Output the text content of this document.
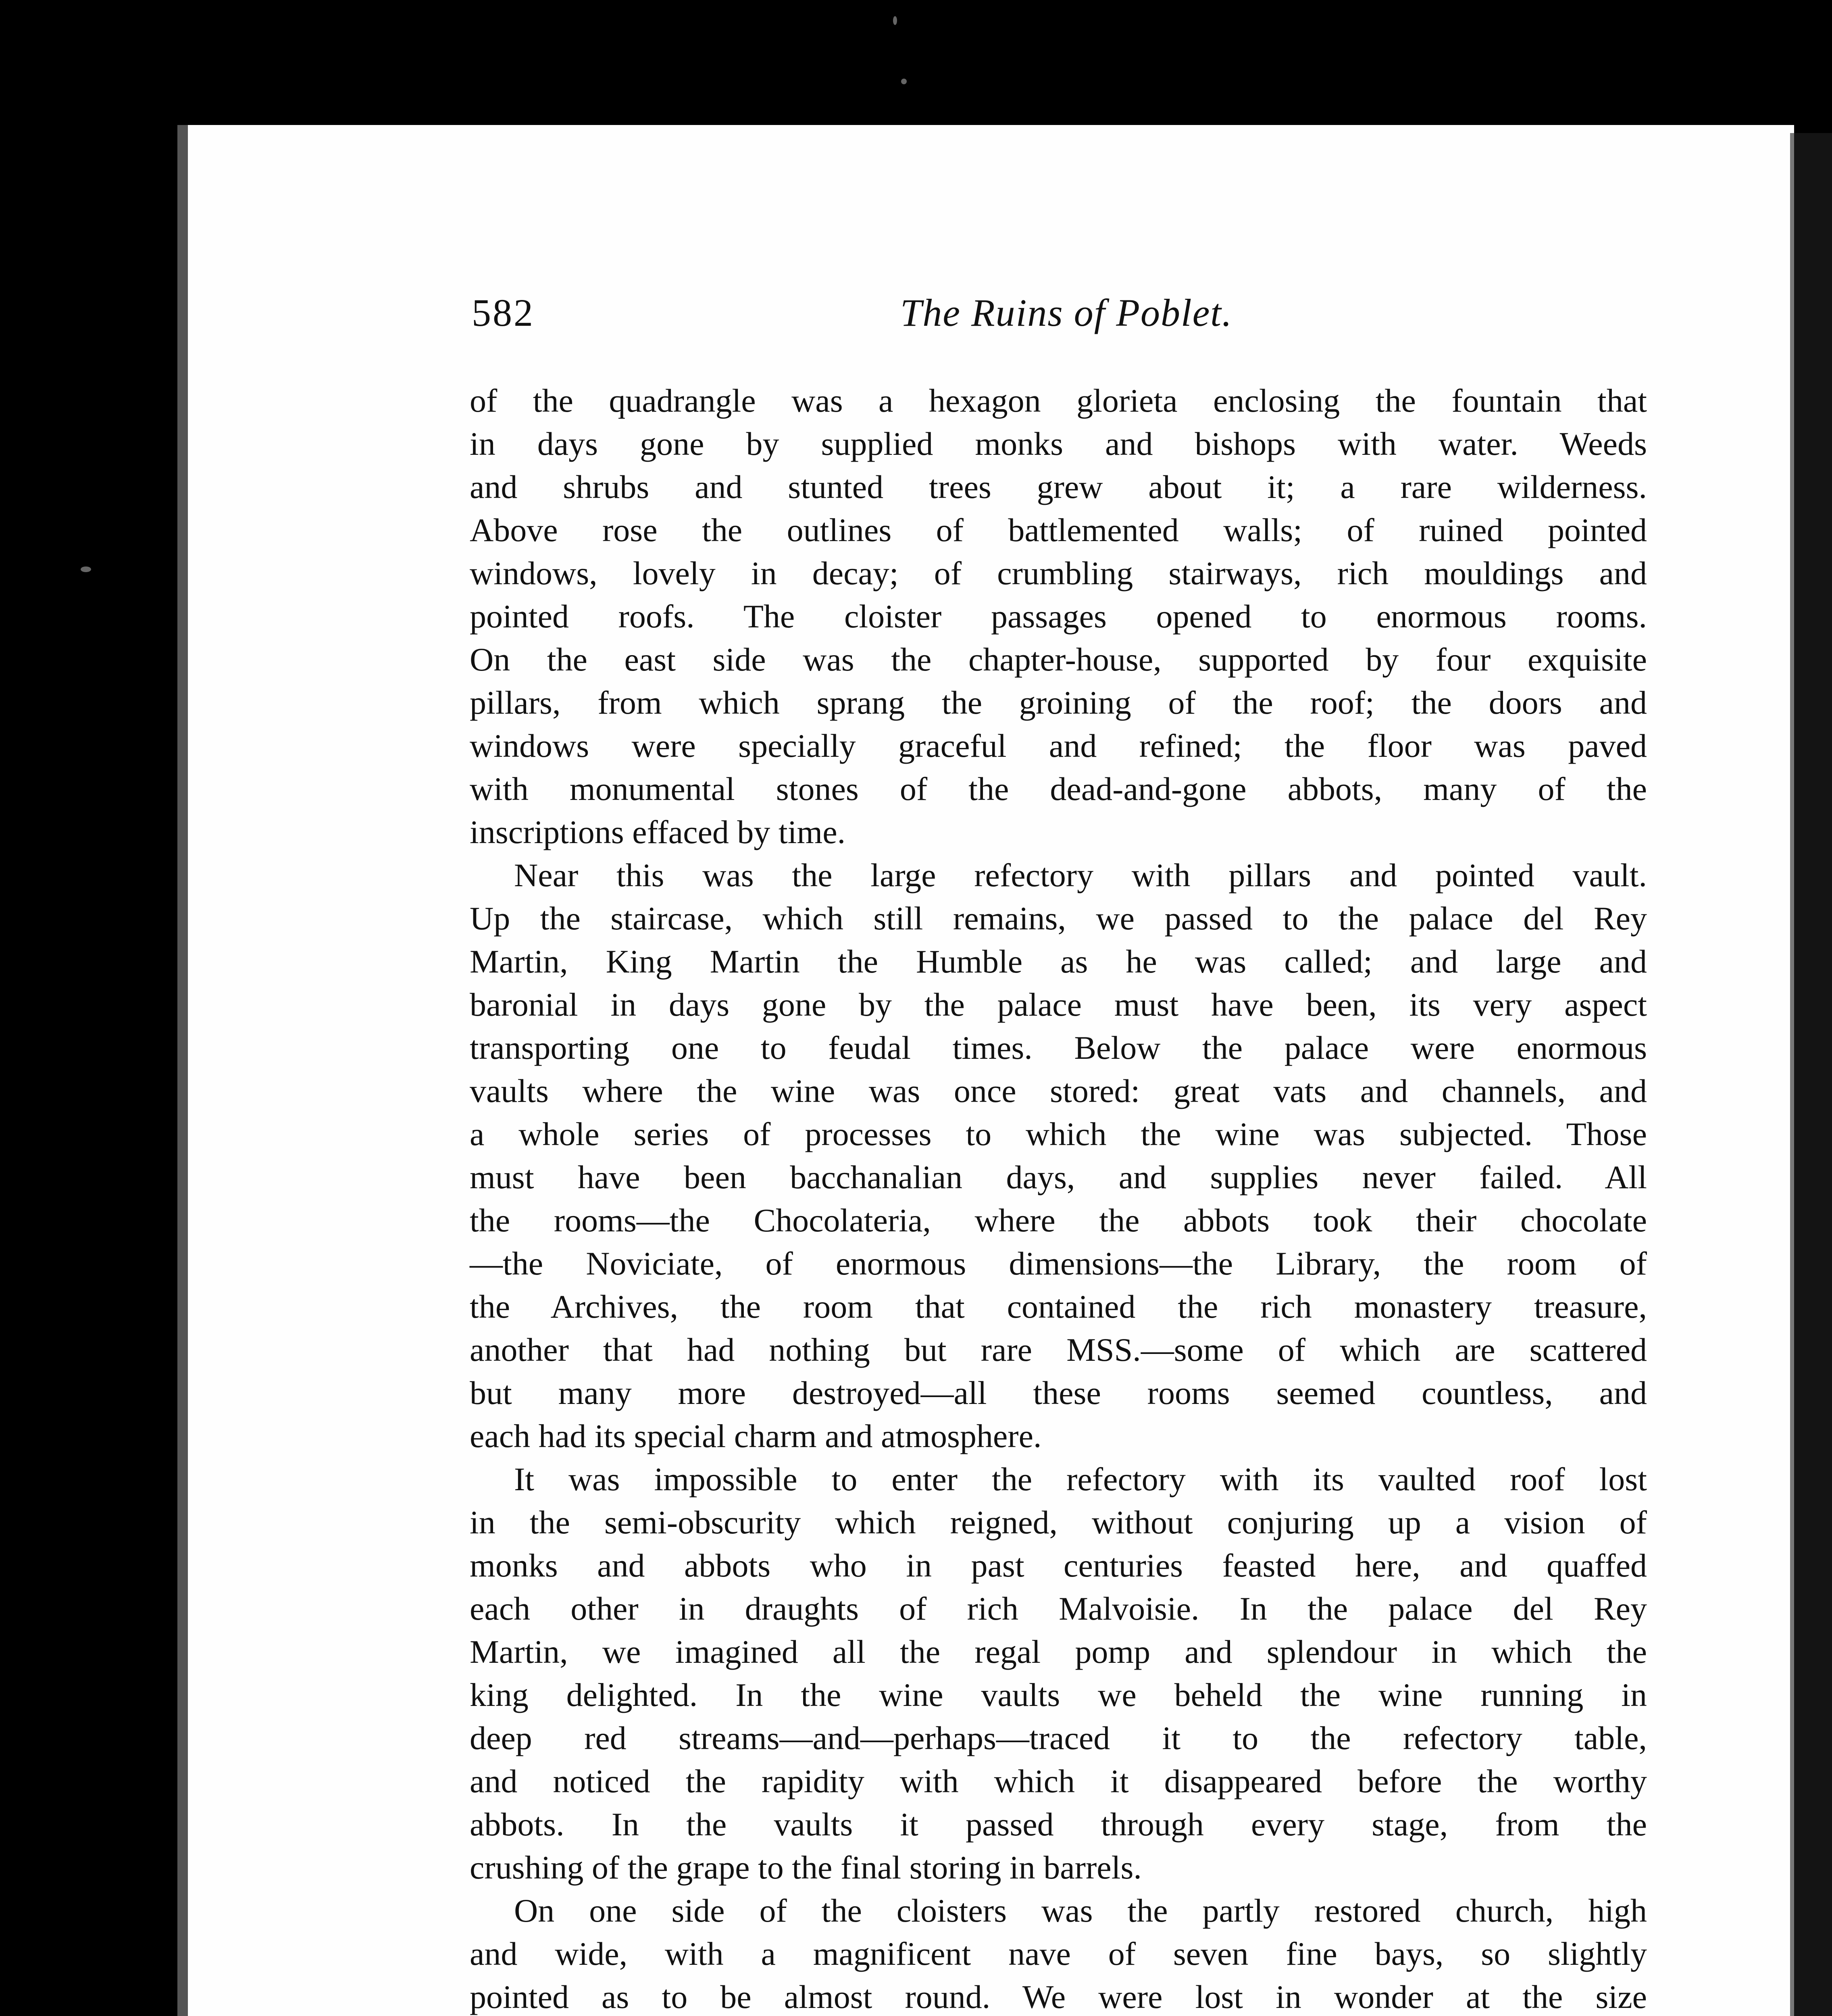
582	The Ruins of Poblet.

of the quadrangle was a hexagon glorieta enclosing the fountain that
in days gone by supplied monks and bishops with water. Weeds
and shrubs and stunted trees grew about it; a rare wilderness.
Above rose the outlines of battlemented walls; of ruined pointed
windows, lovely in decay; of crumbling stairways, rich mouldings and
pointed roofs. The cloister passages opened to enormous rooms.
On the east side was the chapter-house, supported by four exquisite
pillars, from which sprang the groining of the roof; the doors and
windows were specially graceful and refined; the floor was paved
with monumental stones of the dead-and-gone abbots, many of the
inscriptions effaced by time.

Near this was the large refectory with pillars and pointed vault.
Up the staircase, which still remains, we passed to the palace del Rey
Martin, King Martin the Humble as he was called; and large and
baronial in days gone by the palace must have been, its very aspect
transporting one to feudal times. Below the palace were enormous
vaults where the wine was once stored: great vats and channels, and
a whole series of processes to which the wine was subjected. Those
must have been bacchanalian days, and supplies never failed. All
the rooms—the Chocolateria, where the abbots took their chocolate
—the Noviciate, of enormous dimensions—the Library, the room of
the Archives, the room that contained the rich monastery treasure,
another that had nothing but rare MSS.—some of which are scattered
but many more destroyed—all these rooms seemed countless, and
each had its special charm and atmosphere.

It was impossible to enter the refectory with its vaulted roof lost
in the semi-obscurity which reigned, without conjuring up a vision of
monks and abbots who in past centuries feasted here, and quaffed
each other in draughts of rich Malvoisie. In the palace del Rey
Martin, we imagined all the regal pomp and splendour in which the
king delighted. In the wine vaults we beheld the wine running in
deep red streams—and—perhaps—traced it to the refectory table,
and noticed the rapidity with which it disappeared before the worthy
abbots. In the vaults it passed through every stage, from the
crushing of the grape to the final storing in barrels.

On one side of the cloisters was the partly restored church, high
and wide, with a magnificent nave of seven fine bays, so slightly
pointed as to be almost round. We were lost in wonder at the size
